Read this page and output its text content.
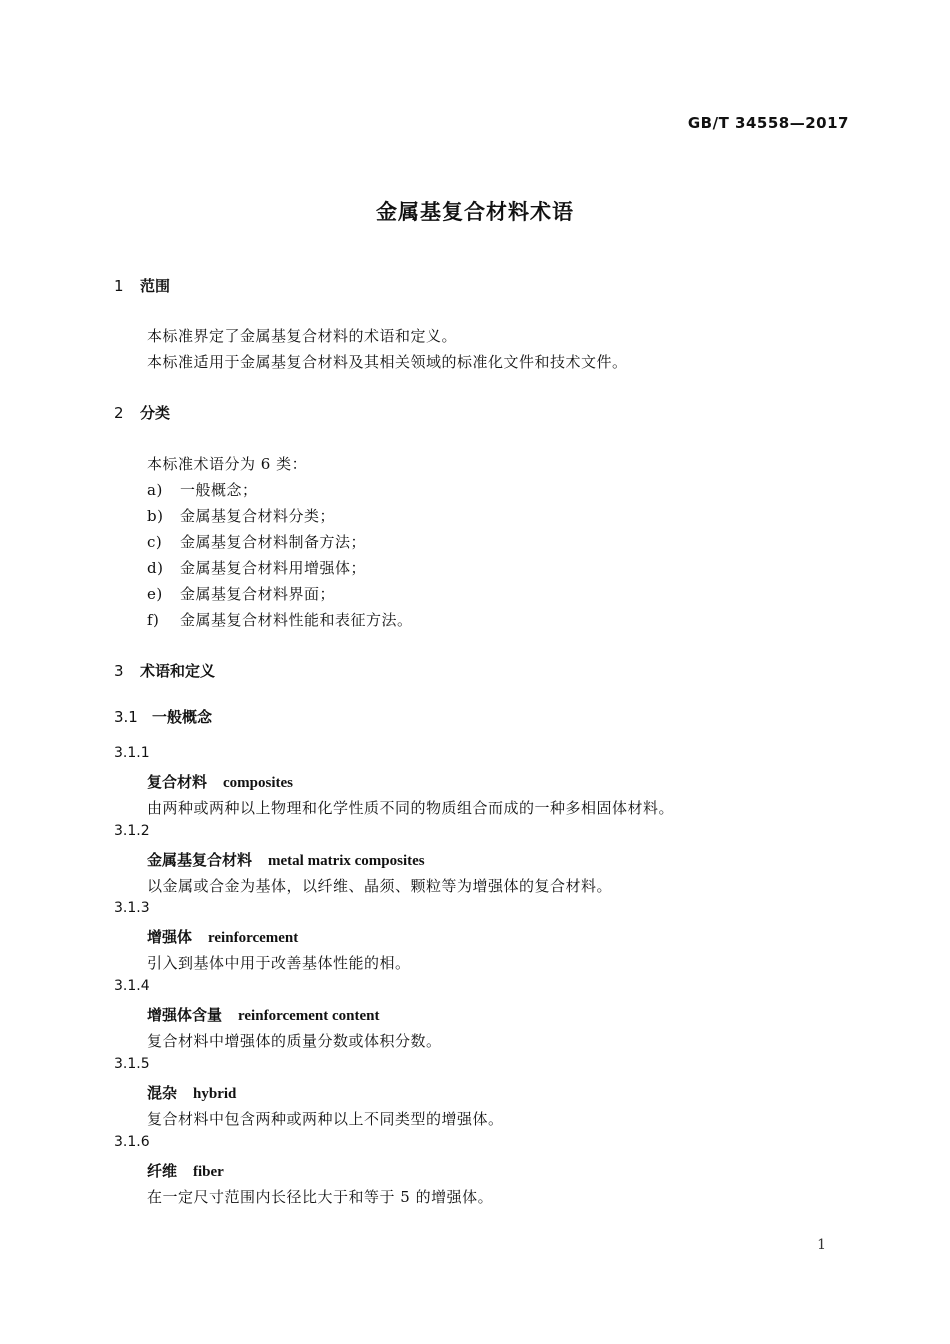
GB/T 34558—2017
金属基复合材料术语
1 范围
本标准界定了金属基复合材料的术语和定义。
本标准适用于金属基复合材料及其相关领域的标准化文件和技术文件。
2 分类
本标准术语分为 6 类：
a) 一般概念；
b) 金属基复合材料分类；
c) 金属基复合材料制备方法；
d) 金属基复合材料用增强体；
e) 金属基复合材料界面；
f) 金属基复合材料性能和表征方法。
3 术语和定义
3.1 一般概念
3.1.1
复合材料 composites
由两种或两种以上物理和化学性质不同的物质组合而成的一种多相固体材料。
3.1.2
金属基复合材料 metal matrix composites
以金属或合金为基体，以纤维、晶须、颗粒等为增强体的复合材料。
3.1.3
增强体 reinforcement
引入到基体中用于改善基体性能的相。
3.1.4
增强体含量 reinforcement content
复合材料中增强体的质量分数或体积分数。
3.1.5
混杂 hybrid
复合材料中包含两种或两种以上不同类型的增强体。
3.1.6
纤维 fiber
在一定尺寸范围内长径比大于和等于 5 的增强体。
1
